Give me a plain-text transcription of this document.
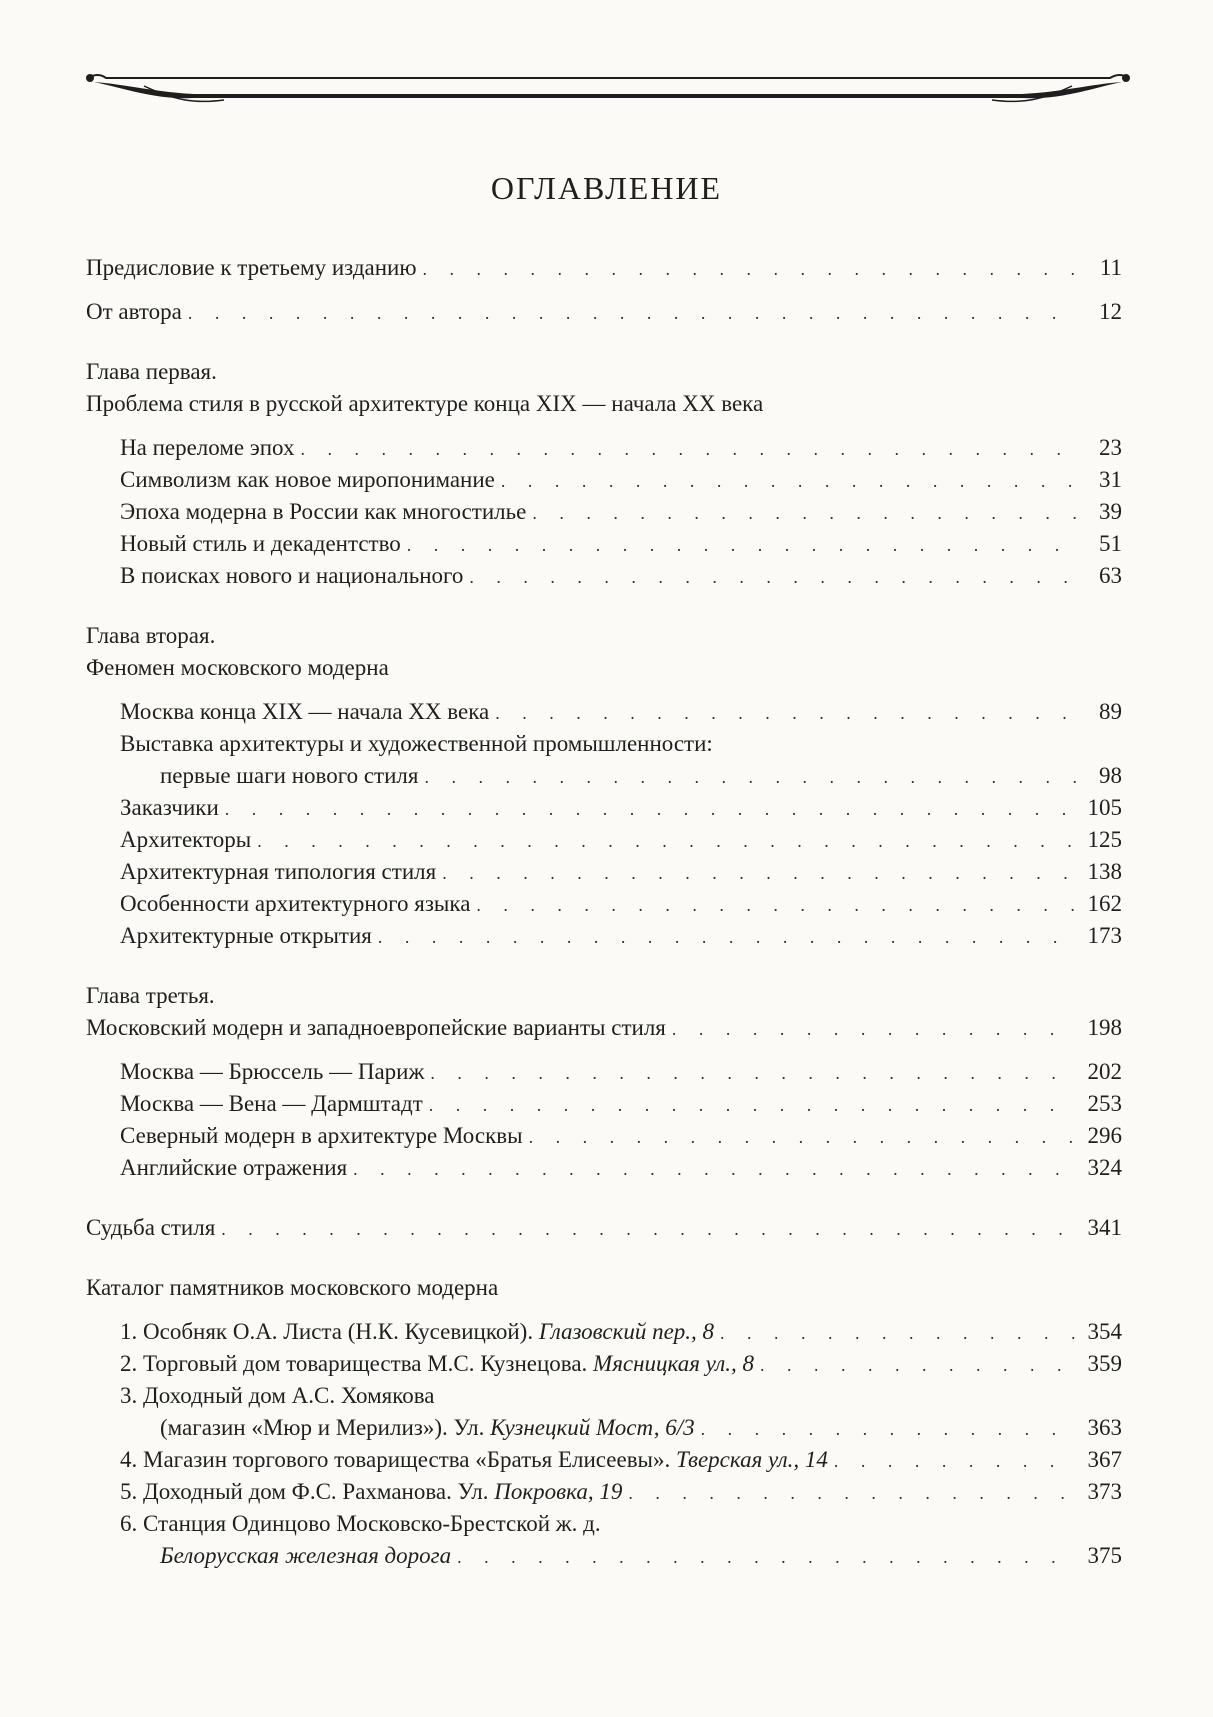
ОГЛАВЛЕНИЕ
Предисловие к третьему изданию . . .	11
От автора . . .	12
Глава первая.
Проблема стиля в русской архитектуре конца XIX — начала XX века
На переломе эпох . . .	23
Символизм как новое миропонимание . . .	31
Эпоха модерна в России как многостилье . . .	39
Новый стиль и декадентство . . .	51
В поисках нового и национального . . .	63
Глава вторая.
Феномен московского модерна
Москва конца XIX — начала XX века . . .	89
Выставка архитектуры и художественной промышленности:
первые шаги нового стиля . . .	98
Заказчики . . .	105
Архитекторы . . .	125
Архитектурная типология стиля . . .	138
Особенности архитектурного языка . . .	162
Архитектурные открытия . . .	173
Глава третья.
Московский модерн и западноевропейские варианты стиля . . .	198
Москва — Брюссель — Париж . . .	202
Москва — Вена — Дармштадт . . .	253
Северный модерн в архитектуре Москвы . . .	296
Английские отражения . . .	324
Судьба стиля . . .	341
Каталог памятников московского модерна
1. Особняк О.А. Листа (Н.К. Кусевицкой). Глазовский пер., 8 . . .	354
2. Торговый дом товарищества М.С. Кузнецова. Мясницкая ул., 8 . . .	359
3. Доходный дом А.С. Хомякова
(магазин «Мюр и Мерилиз»). Ул. Кузнецкий Мост, 6/3 . . .	363
4. Магазин торгового товарищества «Братья Елисеевы». Тверская ул., 14 . . .	367
5. Доходный дом Ф.С. Рахманова. Ул. Покровка, 19 . . .	373
6. Станция Одинцово Московско-Брестской ж. д.
Белорусская железная дорога . . .	375
